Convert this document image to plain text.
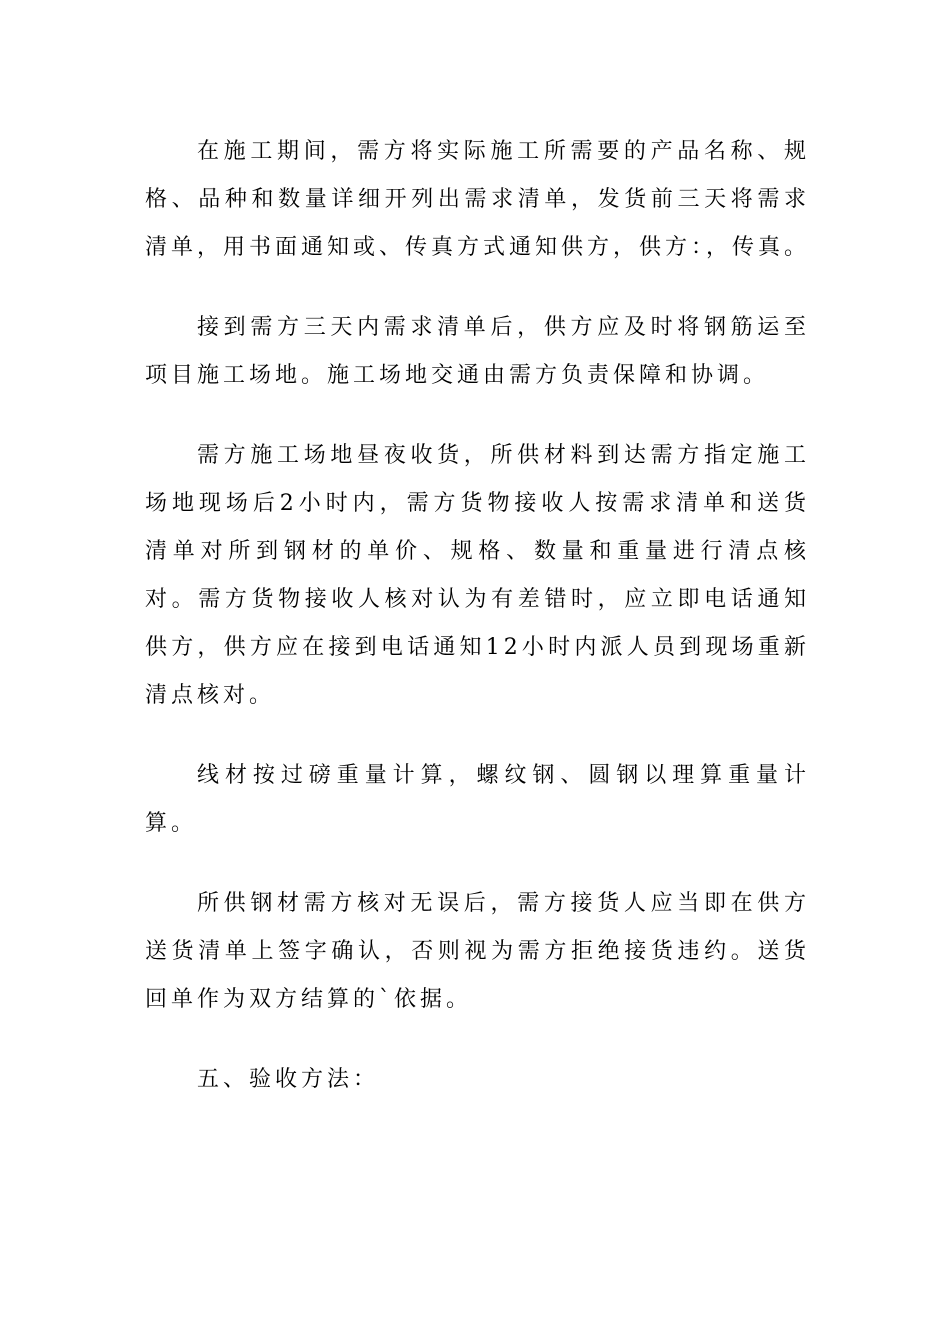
在施工期间，需方将实际施工所需要的产品名称、规格、品种和数量详细开列出需求清单，发货前三天将需求清单，用书面通知或、传真方式通知供方，供方：，传真。

接到需方三天内需求清单后，供方应及时将钢筋运至项目施工场地。施工场地交通由需方负责保障和协调。

需方施工场地昼夜收货，所供材料到达需方指定施工场地现场后2小时内，需方货物接收人按需求清单和送货清单对所到钢材的单价、规格、数量和重量进行清点核对。需方货物接收人核对认为有差错时，应立即电话通知供方，供方应在接到电话通知12小时内派人员到现场重新清点核对。

线材按过磅重量计算，螺纹钢、圆钢以理算重量计算。

所供钢材需方核对无误后，需方接货人应当即在供方送货清单上签字确认，否则视为需方拒绝接货违约。送货回单作为双方结算的`依据。

五、验收方法：
